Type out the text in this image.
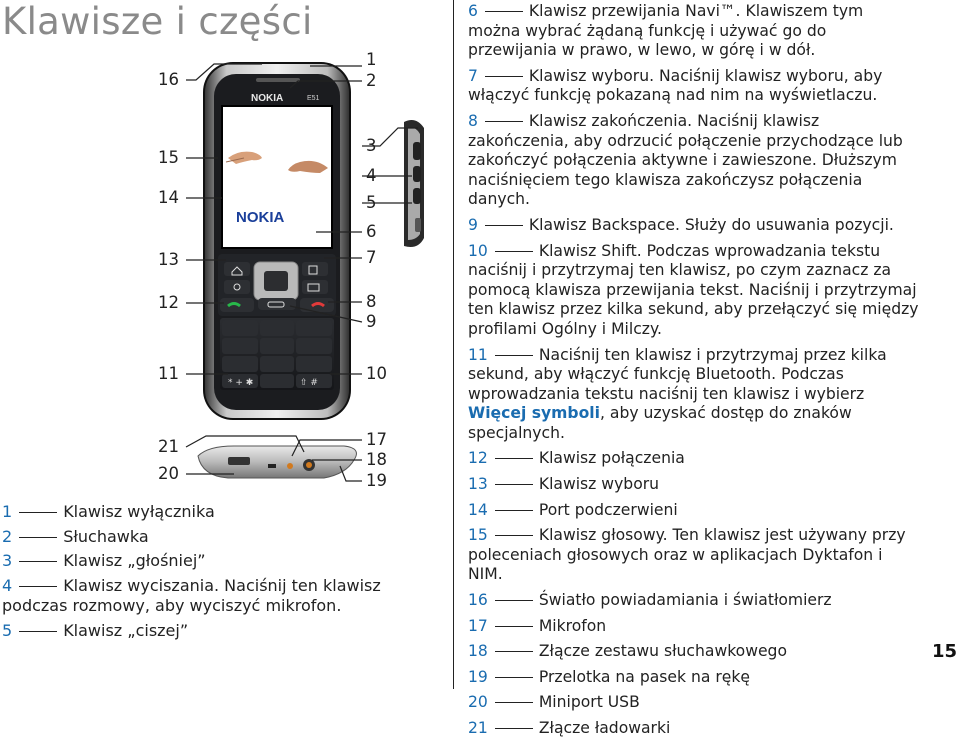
Klawisze i części
NOKIA	E51
NOKIA
* + ✱	⇧ #
16
15
14
13
12
11
21
20
1
2
3
4
5
6
7
8
9
10
17
18
19
1	Klawisz wyłącznika
2	Słuchawka
3	Klawisz „głośniej”
4	Klawisz wyciszania. Naciśnij ten klawisz podczas rozmowy, aby wyciszyć mikrofon.
5	Klawisz „ciszej”
6	Klawisz przewijania Navi™. Klawiszem tym można wybrać żądaną funkcję i używać go do przewijania w prawo, w lewo, w górę i w dół.
7	Klawisz wyboru. Naciśnij klawisz wyboru, aby włączyć funkcję pokazaną nad nim na wyświetlaczu.
8	Klawisz zakończenia. Naciśnij klawisz zakończenia, aby odrzucić połączenie przychodzące lub zakończyć połączenia aktywne i zawieszone. Dłuższym naciśnięciem tego klawisza zakończysz połączenia danych.
9	Klawisz Backspace. Służy do usuwania pozycji.
10	Klawisz Shift. Podczas wprowadzania tekstu naciśnij i przytrzymaj ten klawisz, po czym zaznacz za pomocą klawisza przewijania tekst. Naciśnij i przytrzymaj ten klawisz przez kilka sekund, aby przełączyć się między profilami Ogólny i Milczy.
11	Naciśnij ten klawisz i przytrzymaj przez kilka sekund, aby włączyć funkcję Bluetooth. Podczas wprowadzania tekstu naciśnij ten klawisz i wybierz Więcej symboli, aby uzyskać dostęp do znaków specjalnych.
12	Klawisz połączenia
13	Klawisz wyboru
14	Port podczerwieni
15	Klawisz głosowy. Ten klawisz jest używany przy poleceniach głosowych oraz w aplikacjach Dyktafon i NIM.
16	Światło powiadamiania i światłomierz
17	Mikrofon
18	Złącze zestawu słuchawkowego
19	Przelotka na pasek na rękę
20	Miniport USB
21	Złącze ładowarki
15
